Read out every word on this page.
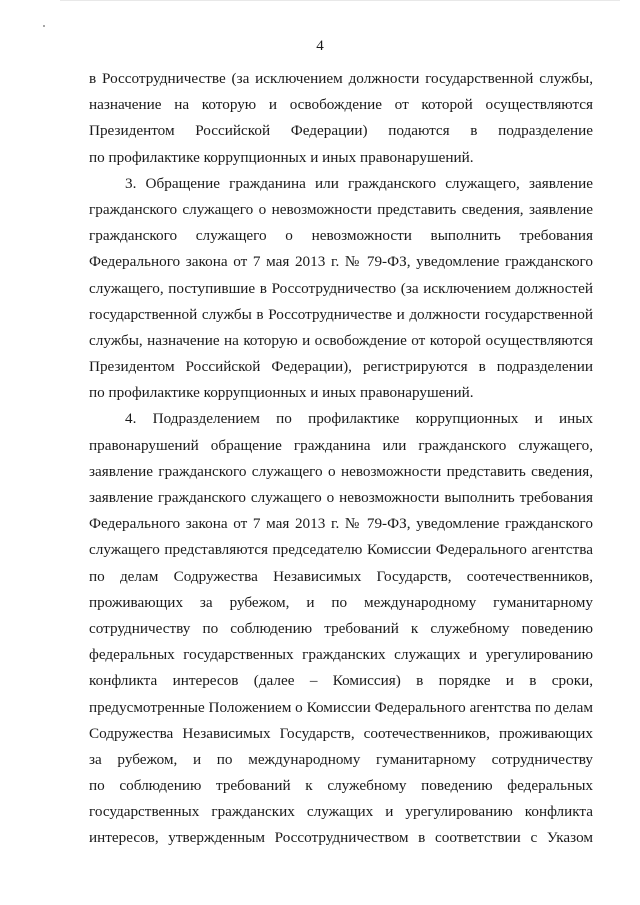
4
в Россотрудничестве (за исключением должности государственной службы,
назначение на которую и освобождение от которой осуществляются
Президентом Российской Федерации) подаются в подразделение
по профилактике коррупционных и иных правонарушений.
3. Обращение гражданина или гражданского служащего, заявление
гражданского служащего о невозможности представить сведения, заявление
гражданского служащего о невозможности выполнить требования
Федерального закона от 7 мая 2013 г. № 79-ФЗ, уведомление гражданского
служащего, поступившие в Россотрудничество (за исключением должностей
государственной службы в Россотрудничестве и должности государственной
службы, назначение на которую и освобождение от которой осуществляются
Президентом Российской Федерации), регистрируются в подразделении
по профилактике коррупционных и иных правонарушений.
4. Подразделением по профилактике коррупционных и иных
правонарушений обращение гражданина или гражданского служащего,
заявление гражданского служащего о невозможности представить сведения,
заявление гражданского служащего о невозможности выполнить требования
Федерального закона от 7 мая 2013 г. № 79-ФЗ, уведомление гражданского
служащего представляются председателю Комиссии Федерального агентства
по делам Содружества Независимых Государств, соотечественников,
проживающих за рубежом, и по международному гуманитарному
сотрудничеству по соблюдению требований к служебному поведению
федеральных государственных гражданских служащих и урегулированию
конфликта интересов (далее – Комиссия) в порядке и в сроки,
предусмотренные Положением о Комиссии Федерального агентства по делам
Содружества Независимых Государств, соотечественников, проживающих
за рубежом, и по международному гуманитарному сотрудничеству
по соблюдению требований к служебному поведению федеральных
государственных гражданских служащих и урегулированию конфликта
интересов, утвержденным Россотрудничеством в соответствии с Указом
